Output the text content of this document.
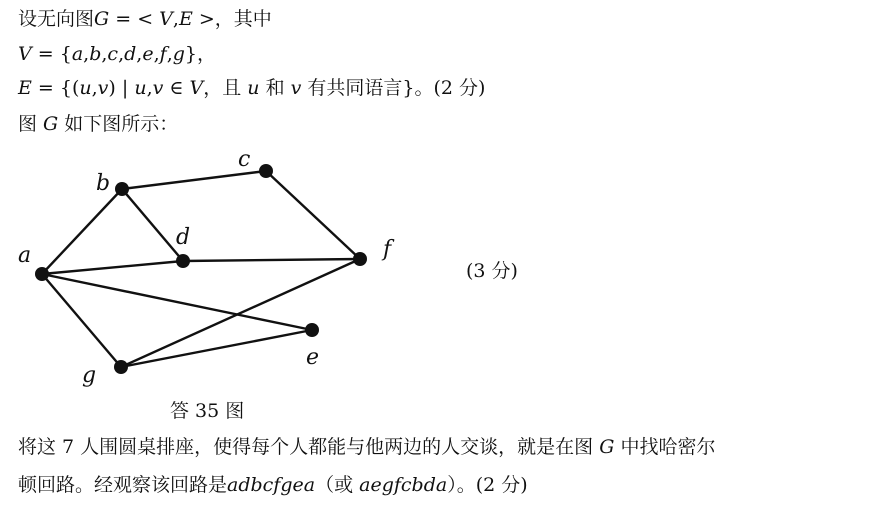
设无向图G = < V,E >，其中
V = {a,b,c,d,e,f,g}，
E = {(u,v) | u,v ∈ V，且 u 和 v 有共同语言}。(2 分)
图 G 如下图所示：
b
c
d
a	f
e
g
(3 分)
答 35 图
将这 7 人围圆桌排座，使得每个人都能与他两边的人交谈，就是在图 G 中找哈密尔
顿回路。经观察该回路是adbcfgea（或 aegfcbda）。(2 分)
